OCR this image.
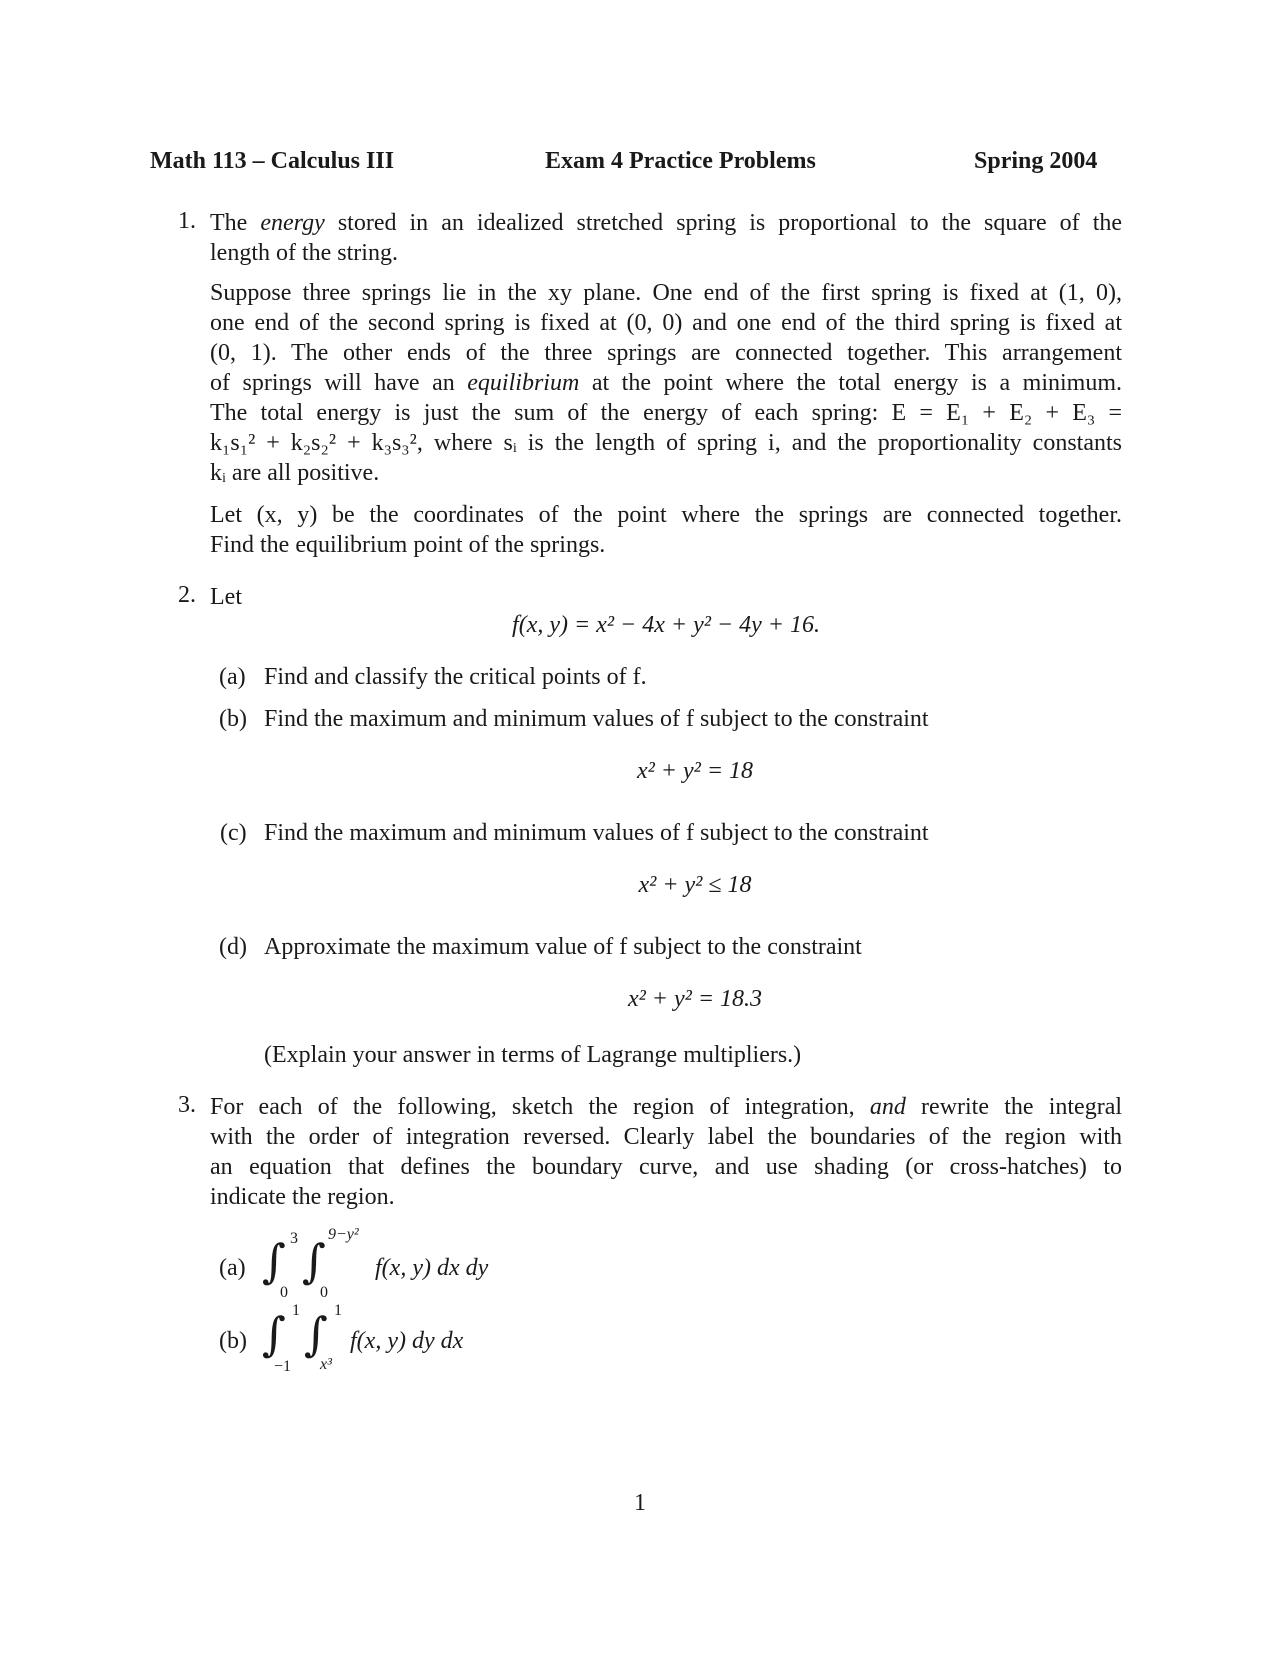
Math 113 – Calculus III	Exam 4 Practice Problems	Spring 2004
1. The energy stored in an idealized stretched spring is proportional to the square of the
length of the string.
Suppose three springs lie in the xy plane. One end of the first spring is fixed at (1, 0),
one end of the second spring is fixed at (0, 0) and one end of the third spring is fixed at
(0, 1). The other ends of the three springs are connected together. This arrangement
of springs will have an equilibrium at the point where the total energy is a minimum.
The total energy is just the sum of the energy of each spring: E = E₁ + E₂ + E₃ =
k₁s₁² + k₂s₂² + k₃s₃², where sᵢ is the length of spring i, and the proportionality constants
kᵢ are all positive.
Let (x, y) be the coordinates of the point where the springs are connected together.
Find the equilibrium point of the springs.
2. Let
f(x, y) = x² − 4x + y² − 4y + 16.
(a) Find and classify the critical points of f.
(b) Find the maximum and minimum values of f subject to the constraint
x² + y² = 18
(c) Find the maximum and minimum values of f subject to the constraint
x² + y² ≤ 18
(d) Approximate the maximum value of f subject to the constraint
x² + y² = 18.3
(Explain your answer in terms of Lagrange multipliers.)
3. For each of the following, sketch the region of integration, and rewrite the integral
with the order of integration reversed. Clearly label the boundaries of the region with
an equation that defines the boundary curve, and use shading (or cross-hatches) to
indicate the region.
(a) ∫ 3
0
∫ 9−y²
0
f(x, y) dx dy
(b) ∫ 1
−1
∫ 1
x³
f(x, y) dy dx
1
